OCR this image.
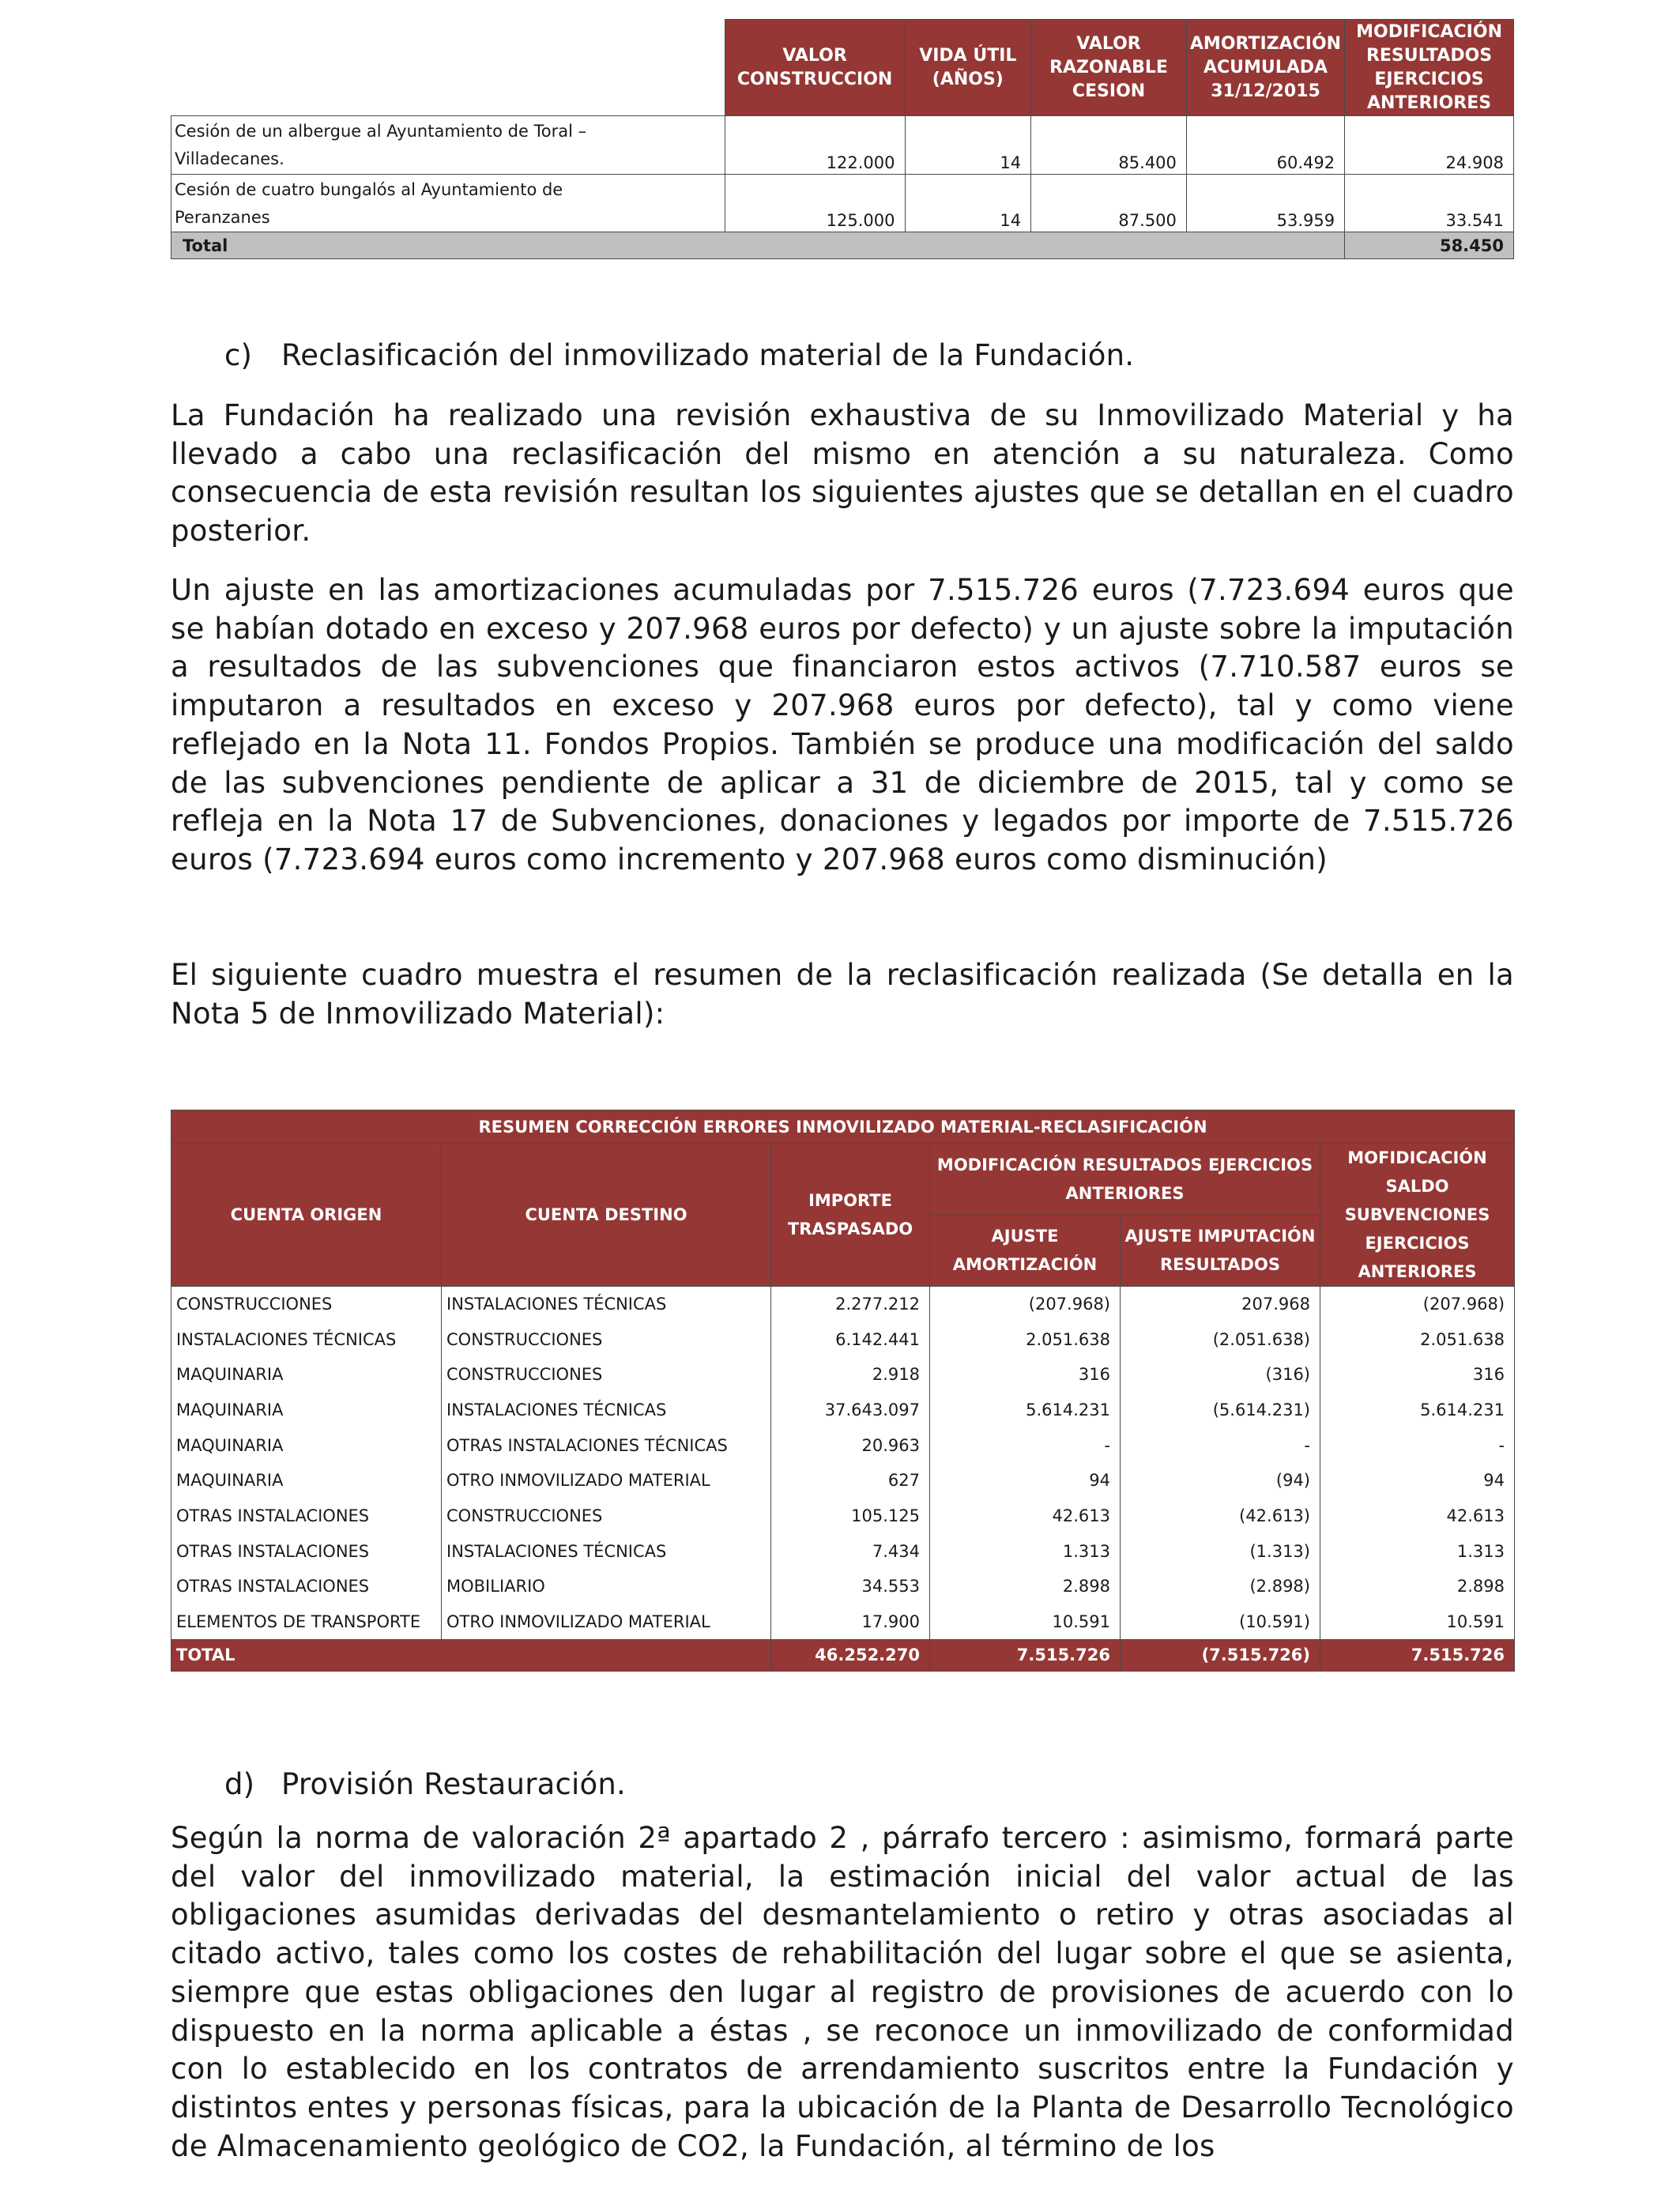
	VALOR CONSTRUCCION	VIDA ÚTIL (AÑOS)	VALOR RAZONABLE CESION	AMORTIZACIÓN ACUMULADA 31/12/2015	MODIFICACIÓN RESULTADOS EJERCICIOS ANTERIORES
Cesión de un albergue al Ayuntamiento de Toral –
Villadecanes.	122.000	14	85.400	60.492	24.908
Cesión de cuatro bungalós al Ayuntamiento de
Peranzanes	125.000	14	87.500	53.959	33.541
Total					58.450
c) Reclasificación del inmovilizado material de la Fundación.

La Fundación ha realizado una revisión exhaustiva de su Inmovilizado Material y ha llevado a cabo una reclasificación del mismo en atención a su naturaleza. Como consecuencia de esta revisión resultan los siguientes ajustes que se detallan en el cuadro posterior.

Un ajuste en las amortizaciones acumuladas por 7.515.726 euros (7.723.694 euros que se habían dotado en exceso y 207.968 euros por defecto) y un ajuste sobre la imputación a resultados de las subvenciones que financiaron estos activos (7.710.587 euros se imputaron a resultados en exceso y 207.968 euros por defecto), tal y como viene reflejado en la Nota 11. Fondos Propios. También se produce una modificación del saldo de las subvenciones pendiente de aplicar a 31 de diciembre de 2015, tal y como se refleja en la Nota 17 de Subvenciones, donaciones y legados por importe de 7.515.726 euros (7.723.694 euros como incremento y 207.968 euros como disminución)

El siguiente cuadro muestra el resumen de la reclasificación realizada (Se detalla en la Nota 5 de Inmovilizado Material):

RESUMEN CORRECCIÓN ERRORES INMOVILIZADO MATERIAL-RECLASIFICACIÓN					
CUENTA ORIGEN	CUENTA DESTINO	IMPORTE TRASPASADO	MODIFICACIÓN RESULTADOS EJERCICIOS ANTERIORES		MOFIDICACIÓN SALDO SUBVENCIONES EJERCICIOS ANTERIORES
			AJUSTE AMORTIZACIÓN	AJUSTE IMPUTACIÓN RESULTADOS	
CONSTRUCCIONES	INSTALACIONES TÉCNICAS	2.277.212	(207.968)	207.968	(207.968)
INSTALACIONES TÉCNICAS	CONSTRUCCIONES	6.142.441	2.051.638	(2.051.638)	2.051.638
MAQUINARIA	CONSTRUCCIONES	2.918	316	(316)	316
MAQUINARIA	INSTALACIONES TÉCNICAS	37.643.097	5.614.231	(5.614.231)	5.614.231
MAQUINARIA	OTRAS INSTALACIONES TÉCNICAS	20.963	-	-	-
MAQUINARIA	OTRO INMOVILIZADO MATERIAL	627	94	(94)	94
OTRAS INSTALACIONES	CONSTRUCCIONES	105.125	42.613	(42.613)	42.613
OTRAS INSTALACIONES	INSTALACIONES TÉCNICAS	7.434	1.313	(1.313)	1.313
OTRAS INSTALACIONES	MOBILIARIO	34.553	2.898	(2.898)	2.898
ELEMENTOS DE TRANSPORTE	OTRO INMOVILIZADO MATERIAL	17.900	10.591	(10.591)	10.591
TOTAL		46.252.270	7.515.726	(7.515.726)	7.515.726
d) Provisión Restauración.

Según la norma de valoración 2ª apartado 2 , párrafo tercero : asimismo, formará parte del valor del inmovilizado material, la estimación inicial del valor actual de las obligaciones asumidas derivadas del desmantelamiento o retiro y otras asociadas al citado activo, tales como los costes de rehabilitación del lugar sobre el que se asienta, siempre que estas obligaciones den lugar al registro de provisiones de acuerdo con lo dispuesto en la norma aplicable a éstas , se reconoce un inmovilizado de conformidad con lo establecido en los contratos de arrendamiento suscritos entre la Fundación y distintos entes y personas físicas, para la ubicación de la Planta de Desarrollo Tecnológico de Almacenamiento geológico de CO2, la Fundación, al término de los
